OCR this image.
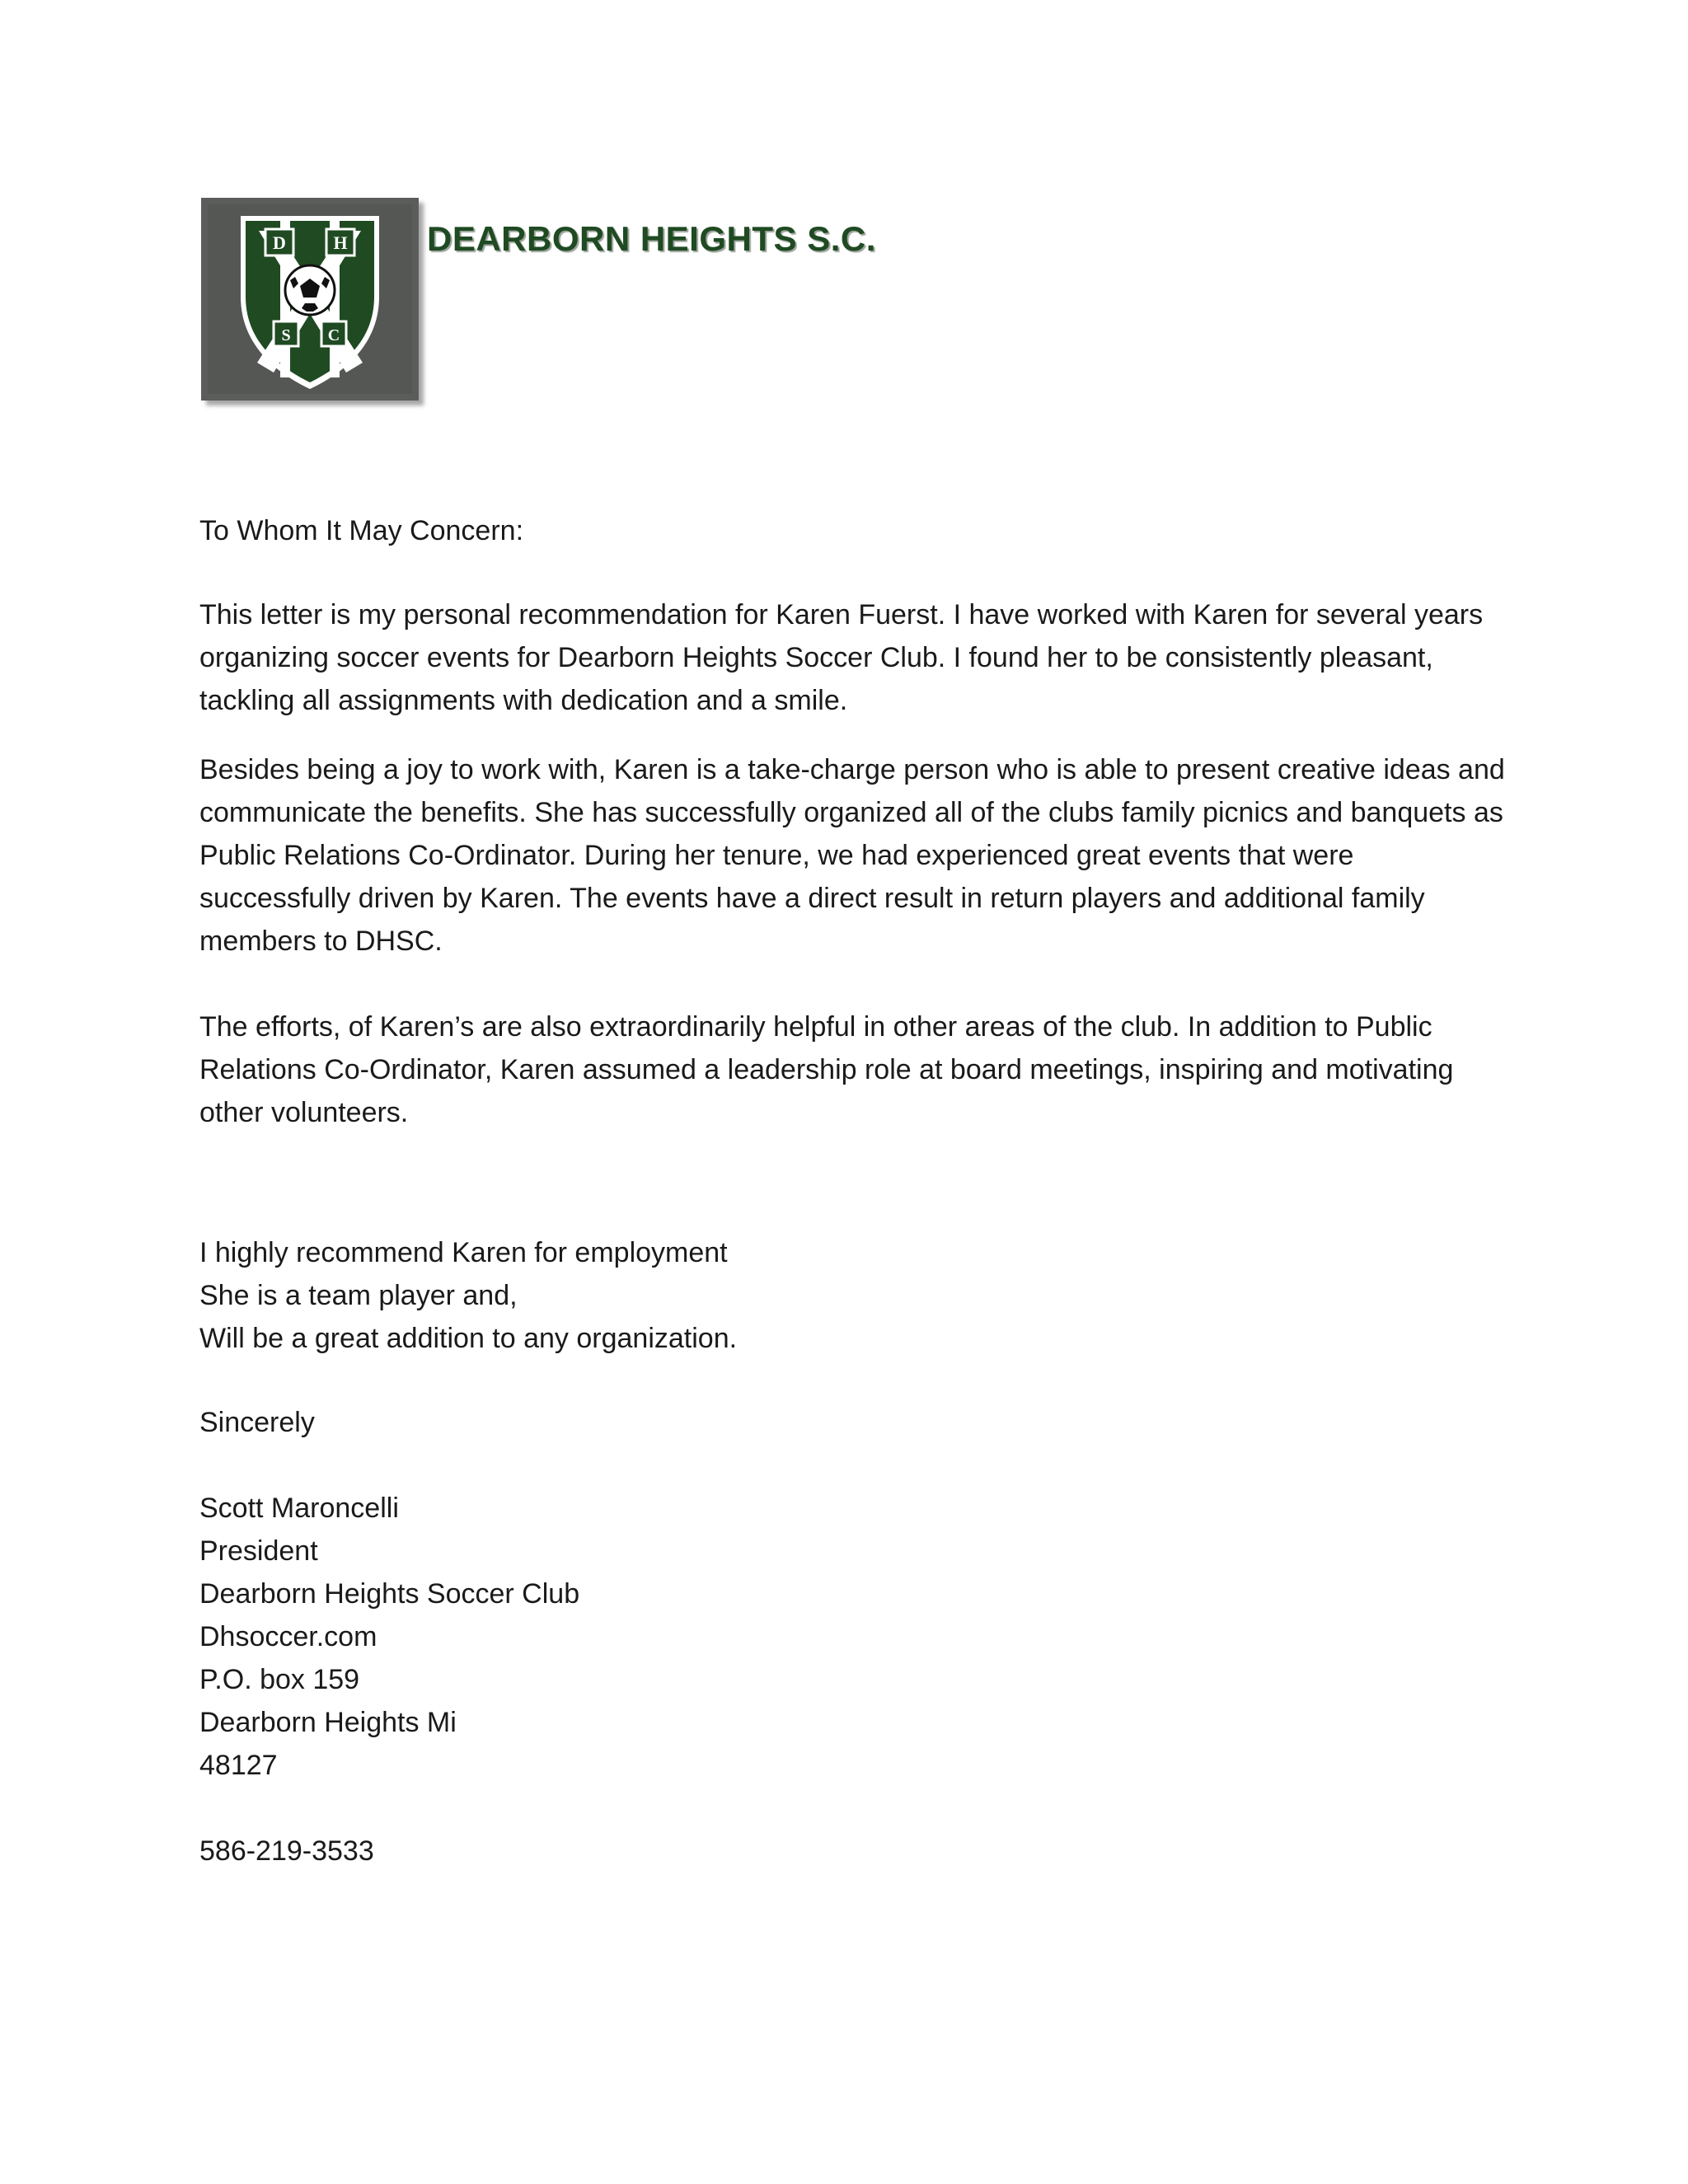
D	H
S C
DEARBORN HEIGHTS S.C.
To Whom It May Concern:
This letter is my personal recommendation for Karen Fuerst. I have worked with Karen for several years
organizing soccer events for Dearborn Heights Soccer Club. I found her to be consistently pleasant,
tackling all assignments with dedication and a smile.
Besides being a joy to work with, Karen is a take-charge person who is able to present creative ideas and
communicate the benefits. She has successfully organized all of the clubs family picnics and banquets as
Public Relations Co-Ordinator. During her tenure, we had experienced great events that were
successfully driven by Karen. The events have a direct result in return players and additional family
members to DHSC.
The efforts, of Karen’s are also extraordinarily helpful in other areas of the club. In addition to Public
Relations Co-Ordinator, Karen assumed a leadership role at board meetings, inspiring and motivating
other volunteers.
I highly recommend Karen for employment
She is a team player and,
Will be a great addition to any organization.
Sincerely
Scott Maroncelli
President
Dearborn Heights Soccer Club
Dhsoccer.com
P.O. box 159
Dearborn Heights Mi
48127
586-219-3533
